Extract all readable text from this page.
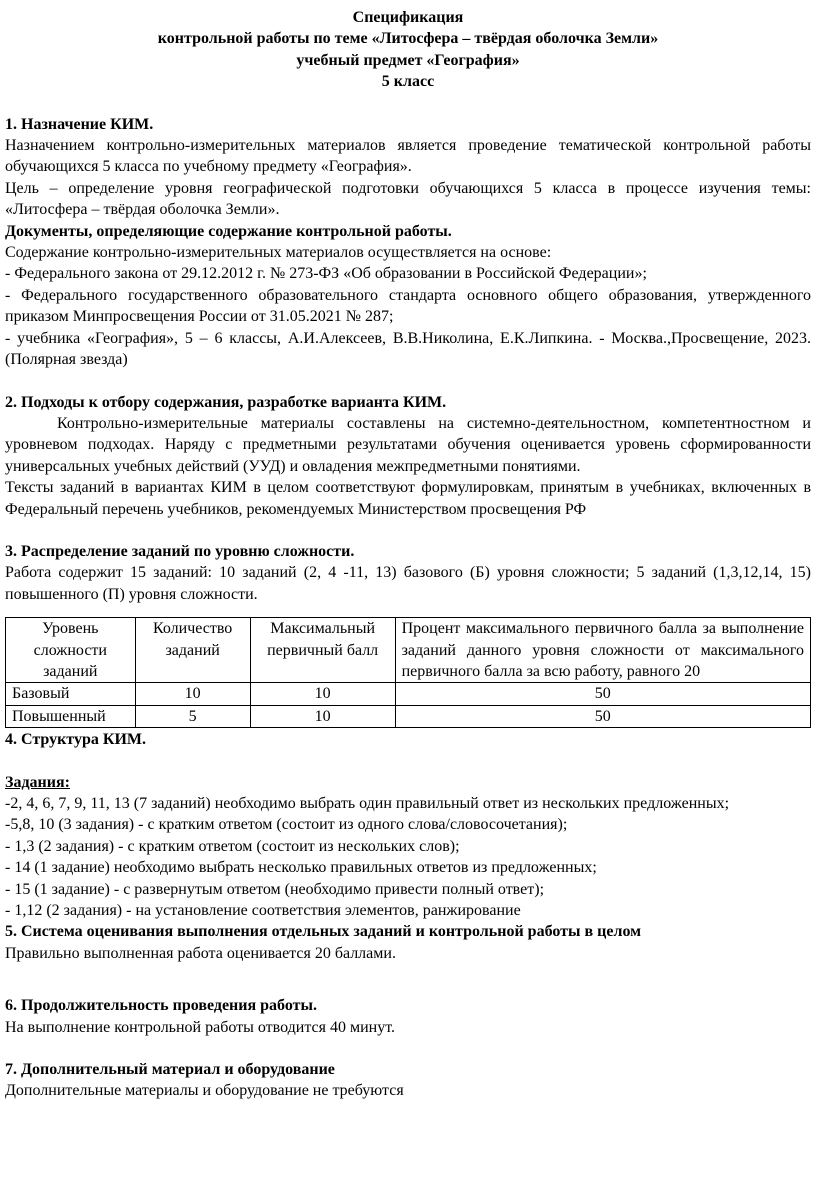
Спецификация

контрольной работы по теме «Литосфера – твёрдая оболочка Земли»

учебный предмет «География»

5 класс

1. Назначение КИМ.

Назначением контрольно-измерительных материалов является проведение тематической контрольной работы обучающихся 5 класса по учебному предмету «География».

Цель – определение уровня географической подготовки обучающихся 5 класса в процессе изучения темы: «Литосфера – твёрдая оболочка Земли».

Документы, определяющие содержание контрольной работы.

Содержание контрольно-измерительных материалов осуществляется на основе:

- Федерального закона от 29.12.2012 г. № 273-ФЗ «Об образовании в Российской Федерации»;

- Федерального государственного образовательного стандарта основного общего образования, утвержденного приказом Минпросвещения России от 31.05.2021 № 287;

- учебника «География», 5 – 6 классы, А.И.Алексеев, В.В.Николина, Е.К.Липкина. - Москва.,Просвещение, 2023. (Полярная звезда)

2. Подходы к отбору содержания, разработке варианта КИМ.

Контрольно-измерительные материалы составлены на системно-деятельностном, компетентностном и уровневом подходах. Наряду с предметными результатами обучения оценивается уровень сформированности универсальных учебных действий (УУД) и овладения межпредметными понятиями.

Тексты заданий в вариантах КИМ в целом соответствуют формулировкам, принятым в учебниках, включенных в Федеральный перечень учебников, рекомендуемых Министерством просвещения РФ

3. Распределение заданий по уровню сложности.

Работа содержит 15 заданий: 10 заданий (2, 4 -11, 13) базового (Б) уровня сложности; 5 заданий (1,3,12,14, 15) повышенного (П) уровня сложности.

Уровень сложности заданий	Количество заданий	Максимальный первичный балл	Процент максимального первичного балла за выполнение заданий данного уровня сложности от максимального первичного балла за всю работу, равного 20
Базовый	10	10	50
Повышенный	5	10	50

4. Структура КИМ.

Задания:

-2, 4, 6, 7, 9, 11, 13 (7 заданий) необходимо выбрать один правильный ответ из нескольких предложенных;

-5,8, 10 (3 задания) - с кратким ответом (состоит из одного слова/словосочетания);

- 1,3 (2 задания) - с кратким ответом (состоит из нескольких слов);

- 14 (1 задание) необходимо выбрать несколько правильных ответов из предложенных;

- 15 (1 задание) - с развернутым ответом (необходимо привести полный ответ);

- 1,12 (2 задания) - на установление соответствия элементов, ранжирование

5. Система оценивания выполнения отдельных заданий и контрольной работы в целом

Правильно выполненная работа оценивается 20 баллами.

6. Продолжительность проведения работы.

На выполнение контрольной работы отводится 40 минут.

7. Дополнительный материал и оборудование

Дополнительные материалы и оборудование не требуются
